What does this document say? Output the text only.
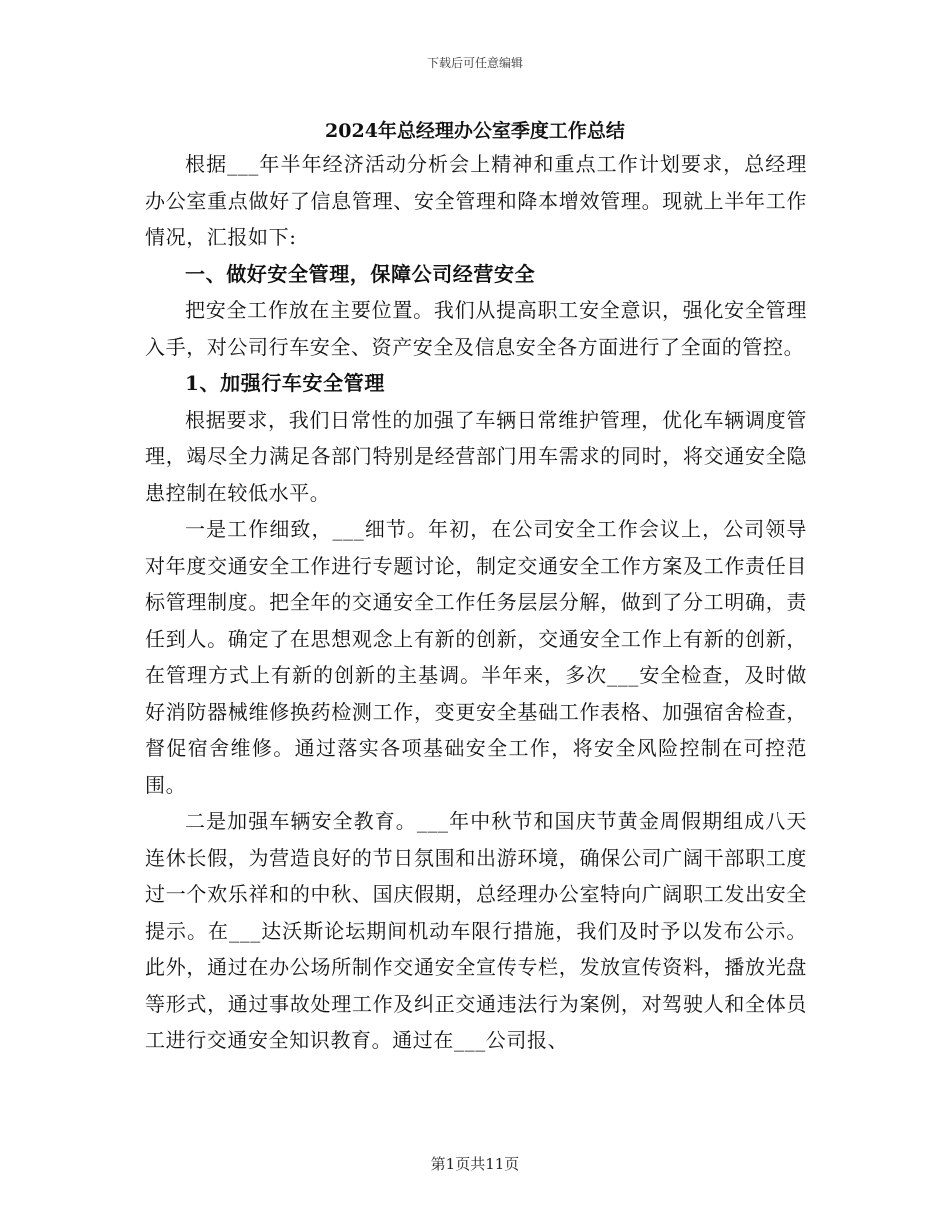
下载后可任意编辑
2024年总经理办公室季度工作总结

根据___年半年经济活动分析会上精神和重点工作计划要求，总经理办公室重点做好了信息管理、安全管理和降本增效管理。现就上半年工作情况，汇报如下:

一、做好安全管理，保障公司经营安全

把安全工作放在主要位置。我们从提高职工安全意识，强化安全管理入手，对公司行车安全、资产安全及信息安全各方面进行了全面的管控。

1、加强行车安全管理

根据要求，我们日常性的加强了车辆日常维护管理，优化车辆调度管理，竭尽全力满足各部门特别是经营部门用车需求的同时，将交通安全隐患控制在较低水平。

一是工作细致，___细节。年初，在公司安全工作会议上，公司领导对年度交通安全工作进行专题讨论，制定交通安全工作方案及工作责任目标管理制度。把全年的交通安全工作任务层层分解，做到了分工明确，责任到人。确定了在思想观念上有新的创新，交通安全工作上有新的创新，在管理方式上有新的创新的主基调。半年来，多次___安全检查，及时做好消防器械维修换药检测工作，变更安全基础工作表格、加强宿舍检查，督促宿舍维修。通过落实各项基础安全工作，将安全风险控制在可控范围。

二是加强车辆安全教育。___年中秋节和国庆节黄金周假期组成八天连休长假，为营造良好的节日氛围和出游环境，确保公司广阔干部职工度过一个欢乐祥和的中秋、国庆假期，总经理办公室特向广阔职工发出安全提示。在___达沃斯论坛期间机动车限行措施，我们及时予以发布公示。此外，通过在办公场所制作交通安全宣传专栏，发放宣传资料，播放光盘等形式，通过事故处理工作及纠正交通违法行为案例，对驾驶人和全体员工进行交通安全知识教育。通过在___公司报、

第1页共11页
